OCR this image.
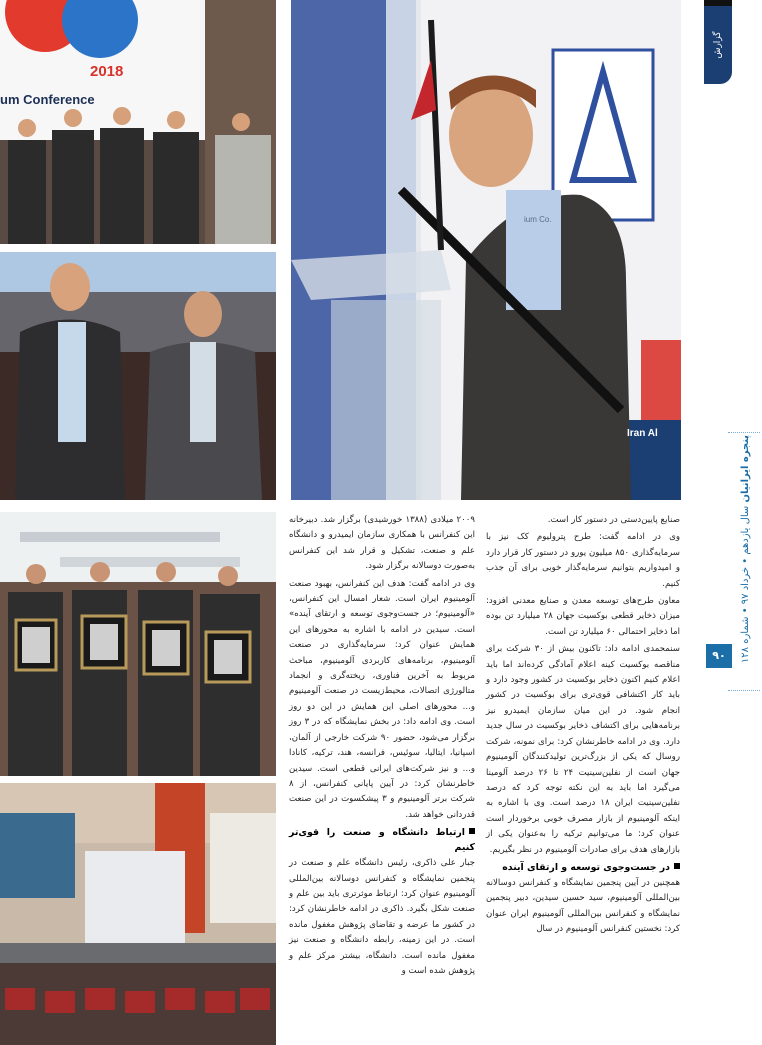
Iran Al
ium Co.
2018
um Conference

صنایع پایین‌دستی در دستور کار است.

وی در ادامه گفت: طرح پترولیوم کک نیز با سرمایه‌گذاری ۸۵۰ میلیون یورو در دستور کار قرار دارد و امیدواریم بتوانیم سرمایه‌گذار خوبی برای آن جذب کنیم.

معاون طرح‌های توسعه معدن و صنایع معدنی افزود: میزان ذخایر قطعی بوکسیت جهان ۲۸ میلیارد تن بوده اما ذخایر احتمالی ۶۰ میلیارد تن است.

سنمحمدی ادامه داد: تاکنون بیش از ۳۰ شرکت برای مناقصه بوکسیت کینه اعلام آمادگی کرده‌اند اما باید اعلام کنیم اکنون ذخایر بوکسیت در کشور وجود دارد و باید کار اکتشافی قوی‌تری برای بوکسیت در کشور انجام شود. در این میان سازمان ایمیدرو نیز برنامه‌هایی برای اکتشاف ذخایر بوکسیت در سال جدید دارد. وی در ادامه خاطرنشان کرد: برای نمونه، شرکت روسال که یکی از بزرگ‌ترین تولیدکنندگان آلومینیوم جهان است از نفلین‌سینیت ۲۴ تا ۲۶ درصد آلومینا می‌گیرد اما باید به این نکته توجه کرد که درصد نفلین‌سینیت ایران ۱۸ درصد است. وی با اشاره به اینکه آلومینیوم از بازار مصرف خوبی برخوردار است عنوان کرد: ما می‌توانیم ترکیه را به‌عنوان یکی از بازارهای هدف برای صادرات آلومینیوم در نظر بگیریم.

در جست‌وجوی توسعه و ارتقای آینده

همچنین در آیین پنجمین نمایشگاه و کنفرانس دوسالانه بین‌المللی آلومینیوم، سید حسین سیدین، دبیر پنجمین نمایشگاه و کنفرانس بین‌المللی آلومینیوم ایران عنوان کرد: نخستین کنفرانس آلومینیوم در سال

۲۰۰۹ میلادی (۱۳۸۸ خورشیدی) برگزار شد. دبیرخانه این کنفرانس با همکاری سازمان ایمیدرو و دانشگاه علم و صنعت، تشکیل و قرار شد این کنفرانس به‌صورت دوسالانه برگزار شود.

وی در ادامه گفت: هدف این کنفرانس، بهبود صنعت آلومینیوم ایران است. شعار امسال این کنفرانس، «آلومینیوم؛ در جست‌وجوی توسعه و ارتقای آینده» است. سیدین در ادامه با اشاره به محورهای این همایش عنوان کرد: سرمایه‌گذاری در صنعت آلومینیوم، برنامه‌های کاربردی آلومینیوم، مباحث مربوط به آخرین فناوری، ریخته‌گری و انجماد متالورژی اتصالات، محیط‌زیست در صنعت آلومینیوم و... محورهای اصلی این همایش در این دو روز است. وی ادامه داد: در بخش نمایشگاه که در ۳ روز برگزار می‌شود، حضور ۹۰ شرکت خارجی از آلمان، اسپانیا، ایتالیا، سوئیس، فرانسه، هند، ترکیه، کانادا و... و نیز شرکت‌های ایرانی قطعی است. سیدین خاطرنشان کرد: در آیین پایانی کنفرانس، از ۸ شرکت برتر آلومینیوم و ۳ پیشکسوت در این صنعت قدردانی خواهد شد.

ارتباط دانشگاه و صنعت را قوی‌تر کنیم

جبار علی ذاکری، رئیس دانشگاه علم و صنعت در پنجمین نمایشگاه و کنفرانس دوسالانه بین‌المللی آلومینیوم عنوان کرد: ارتباط موثرتری باید بین علم و صنعت شکل بگیرد. ذاکری در ادامه خاطرنشان کرد: در کشور ما عرضه و تقاضای پژوهش مغفول مانده است. در این زمینه، رابطه دانشگاه و صنعت نیز مغفول مانده است. دانشگاه، بیشتر مرکز علم و پژوهش شده است و

گزارش
پنجره ایرانیان سال یازدهم • خرداد ۹۷ • شماره ۱۲۸
۹۰
